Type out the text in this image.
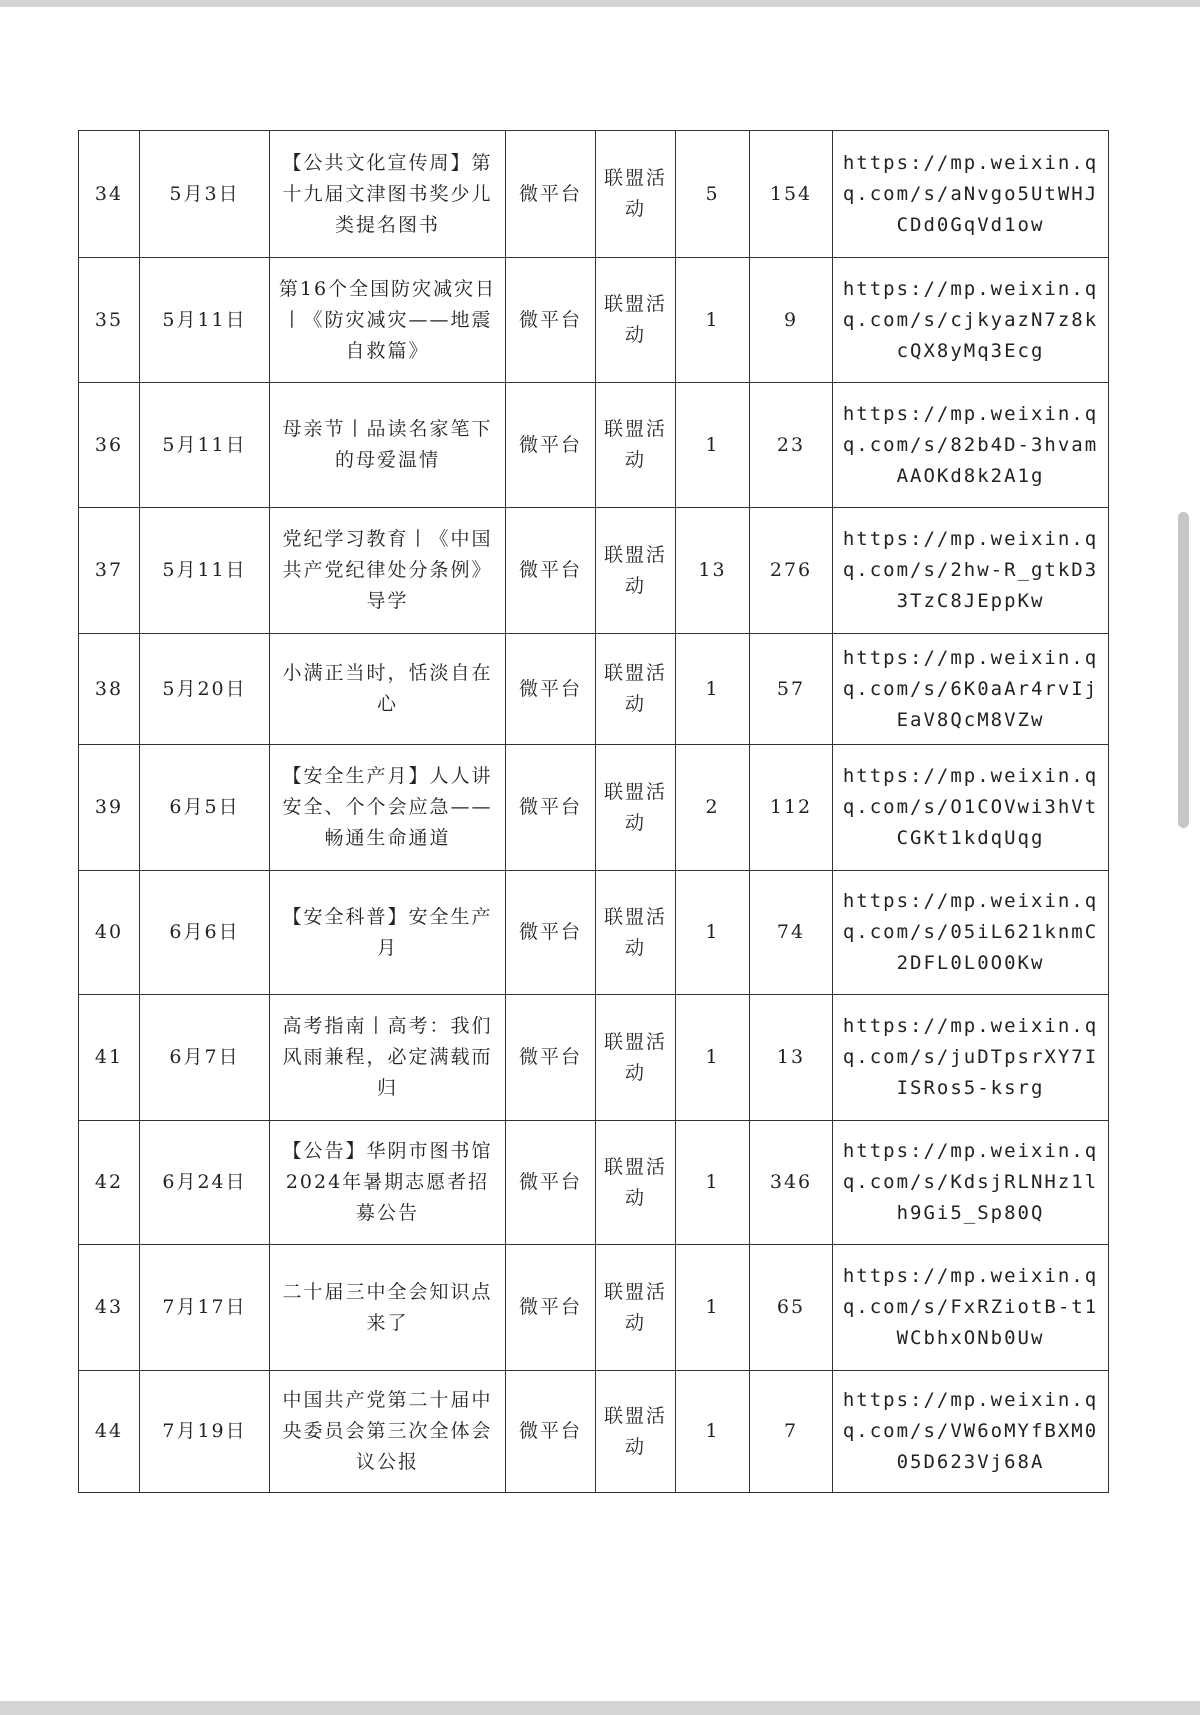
34	5月3日	【公共文化宣传周】第十九届文津图书奖少儿类提名图书	微平台	联盟活动	5	154	https://mp.weixin.qq.com/s/aNvgo5UtWHJCDd0GqVd1ow
35	5月11日	第16个全国防灾减灾日丨《防灾减灾——地震自救篇》	微平台	联盟活动	1	9	https://mp.weixin.qq.com/s/cjkyazN7z8kcQX8yMq3Ecg
36	5月11日	母亲节丨品读名家笔下的母爱温情	微平台	联盟活动	1	23	https://mp.weixin.qq.com/s/82b4D-3hvamAAOKd8k2A1g
37	5月11日	党纪学习教育丨《中国共产党纪律处分条例》导学	微平台	联盟活动	13	276	https://mp.weixin.qq.com/s/2hw-R_gtkD33TzC8JEppKw
38	5月20日	小满正当时，恬淡自在心	微平台	联盟活动	1	57	https://mp.weixin.qq.com/s/6K0aAr4rvIjEaV8QcM8VZw
39	6月5日	【安全生产月】人人讲安全、个个会应急——畅通生命通道	微平台	联盟活动	2	112	https://mp.weixin.qq.com/s/O1COVwi3hVtCGKt1kdqUqg
40	6月6日	【安全科普】安全生产月	微平台	联盟活动	1	74	https://mp.weixin.qq.com/s/05iL621knmC2DFL0L0O0Kw
41	6月7日	高考指南丨高考：我们风雨兼程，必定满载而归	微平台	联盟活动	1	13	https://mp.weixin.qq.com/s/juDTpsrXY7IISRos5-ksrg
42	6月24日	【公告】华阴市图书馆2024年暑期志愿者招募公告	微平台	联盟活动	1	346	https://mp.weixin.qq.com/s/KdsjRLNHz1lh9Gi5_Sp80Q
43	7月17日	二十届三中全会知识点来了	微平台	联盟活动	1	65	https://mp.weixin.qq.com/s/FxRZiotB-t1WCbhxONb0Uw
44	7月19日	中国共产党第二十届中央委员会第三次全体会议公报	微平台	联盟活动	1	7	https://mp.weixin.qq.com/s/VW6oMYfBXM005D623Vj68A
